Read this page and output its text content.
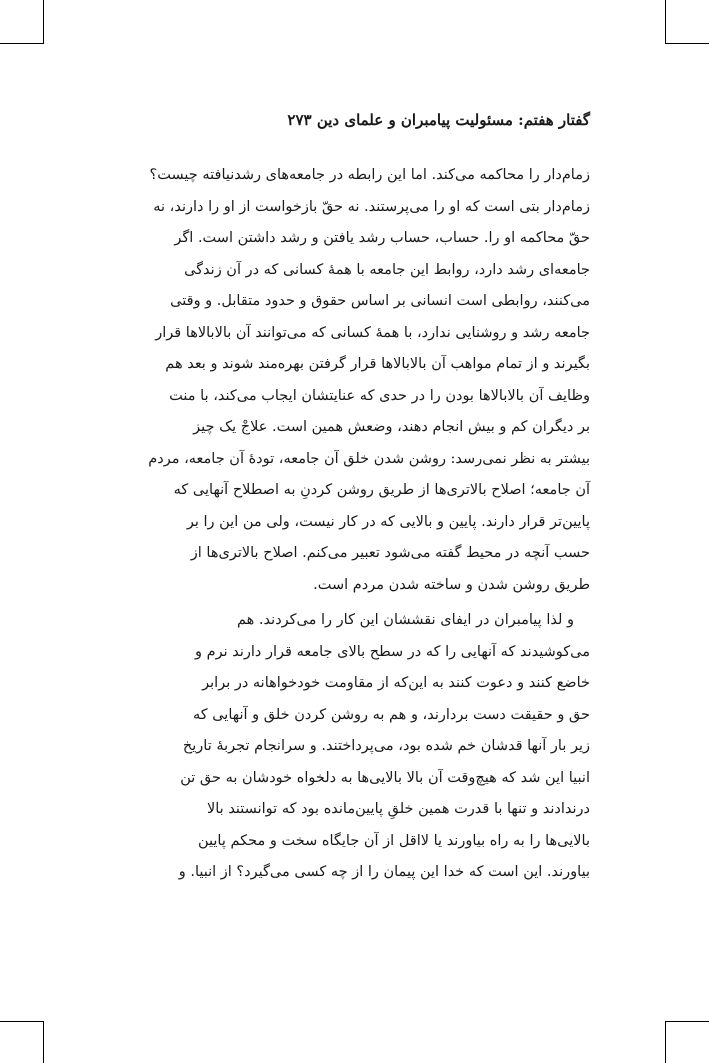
گفتار هفتم: مسئولیت پیامبران و علمای دین ۲۷۳

زمام‌دار را محاکمه می‌کند. اما این رابطه در جامعه‌های رشدنیافته چیست؟
زمام‌دار بتی است که او را می‌پرستند. نه حقّ بازخواست از او را دارند، نه
حقّ محاکمه او را. حساب، حساب رشد یافتن و رشد داشتن است. اگر
جامعه‌ای رشد دارد، روابط این جامعه با همهٔ کسانی که در آن زندگی
می‌کنند، روابطی است انسانی بر اساس حقوق و حدود متقابل. و وقتی
جامعه رشد و روشنایی ندارد، با همهٔ کسانی که می‌توانند آن بالابالاها قرار
بگیرند و از تمام مواهب آن بالابالاها قرار گرفتن بهره‌مند شوند و بعد هم
وظایف آن بالابالاها بودن را در حدی که عنایتشان ایجاب می‌کند، با منت
بر دیگران کم و بیش انجام دهند، وضعش همین است. علاجْ یک چیز
بیشتر به نظر نمی‌رسد: روشن شدن خلق آن جامعه، تودهٔ آن جامعه، مردم
آن جامعه؛ اصلاح بالاتری‌ها از طریق روشن کردنِ به اصطلاح آنهایی که
پایین‌تر قرار دارند. پایین و بالایی که در کار نیست، ولی من این را بر
حسب آنچه در محیط گفته می‌شود تعبیر می‌کنم. اصلاح بالاتری‌ها از
طریق روشن شدن و ساخته شدن مردم است.

و لذا پیامبران در ایفای نقششان این کار را می‌کردند. هم
می‌کوشیدند که آنهایی را که در سطح بالای جامعه قرار دارند نرم و
خاضع کنند و دعوت کنند به این‌که از مقاومت خودخواهانه در برابر
حق و حقیقت دست بردارند، و هم به روشن کردن خلق و آنهایی که
زیر بار آنها قدشان خم شده بود، می‌پرداختند. و سرانجام تجربهٔ تاریخ
انبیا این شد که هیچ‌وقت آن بالا بالایی‌ها به دلخواه خودشان به حق تن
درندادند و تنها با قدرت همین خلقِ پایین‌مانده بود که توانستند بالا
بالایی‌ها را به راه بیاورند یا لااقل از آن جایگاه سخت و محکم پایین
بیاورند. این است که خدا این پیمان را از چه کسی می‌گیرد؟ از انبیا. و
